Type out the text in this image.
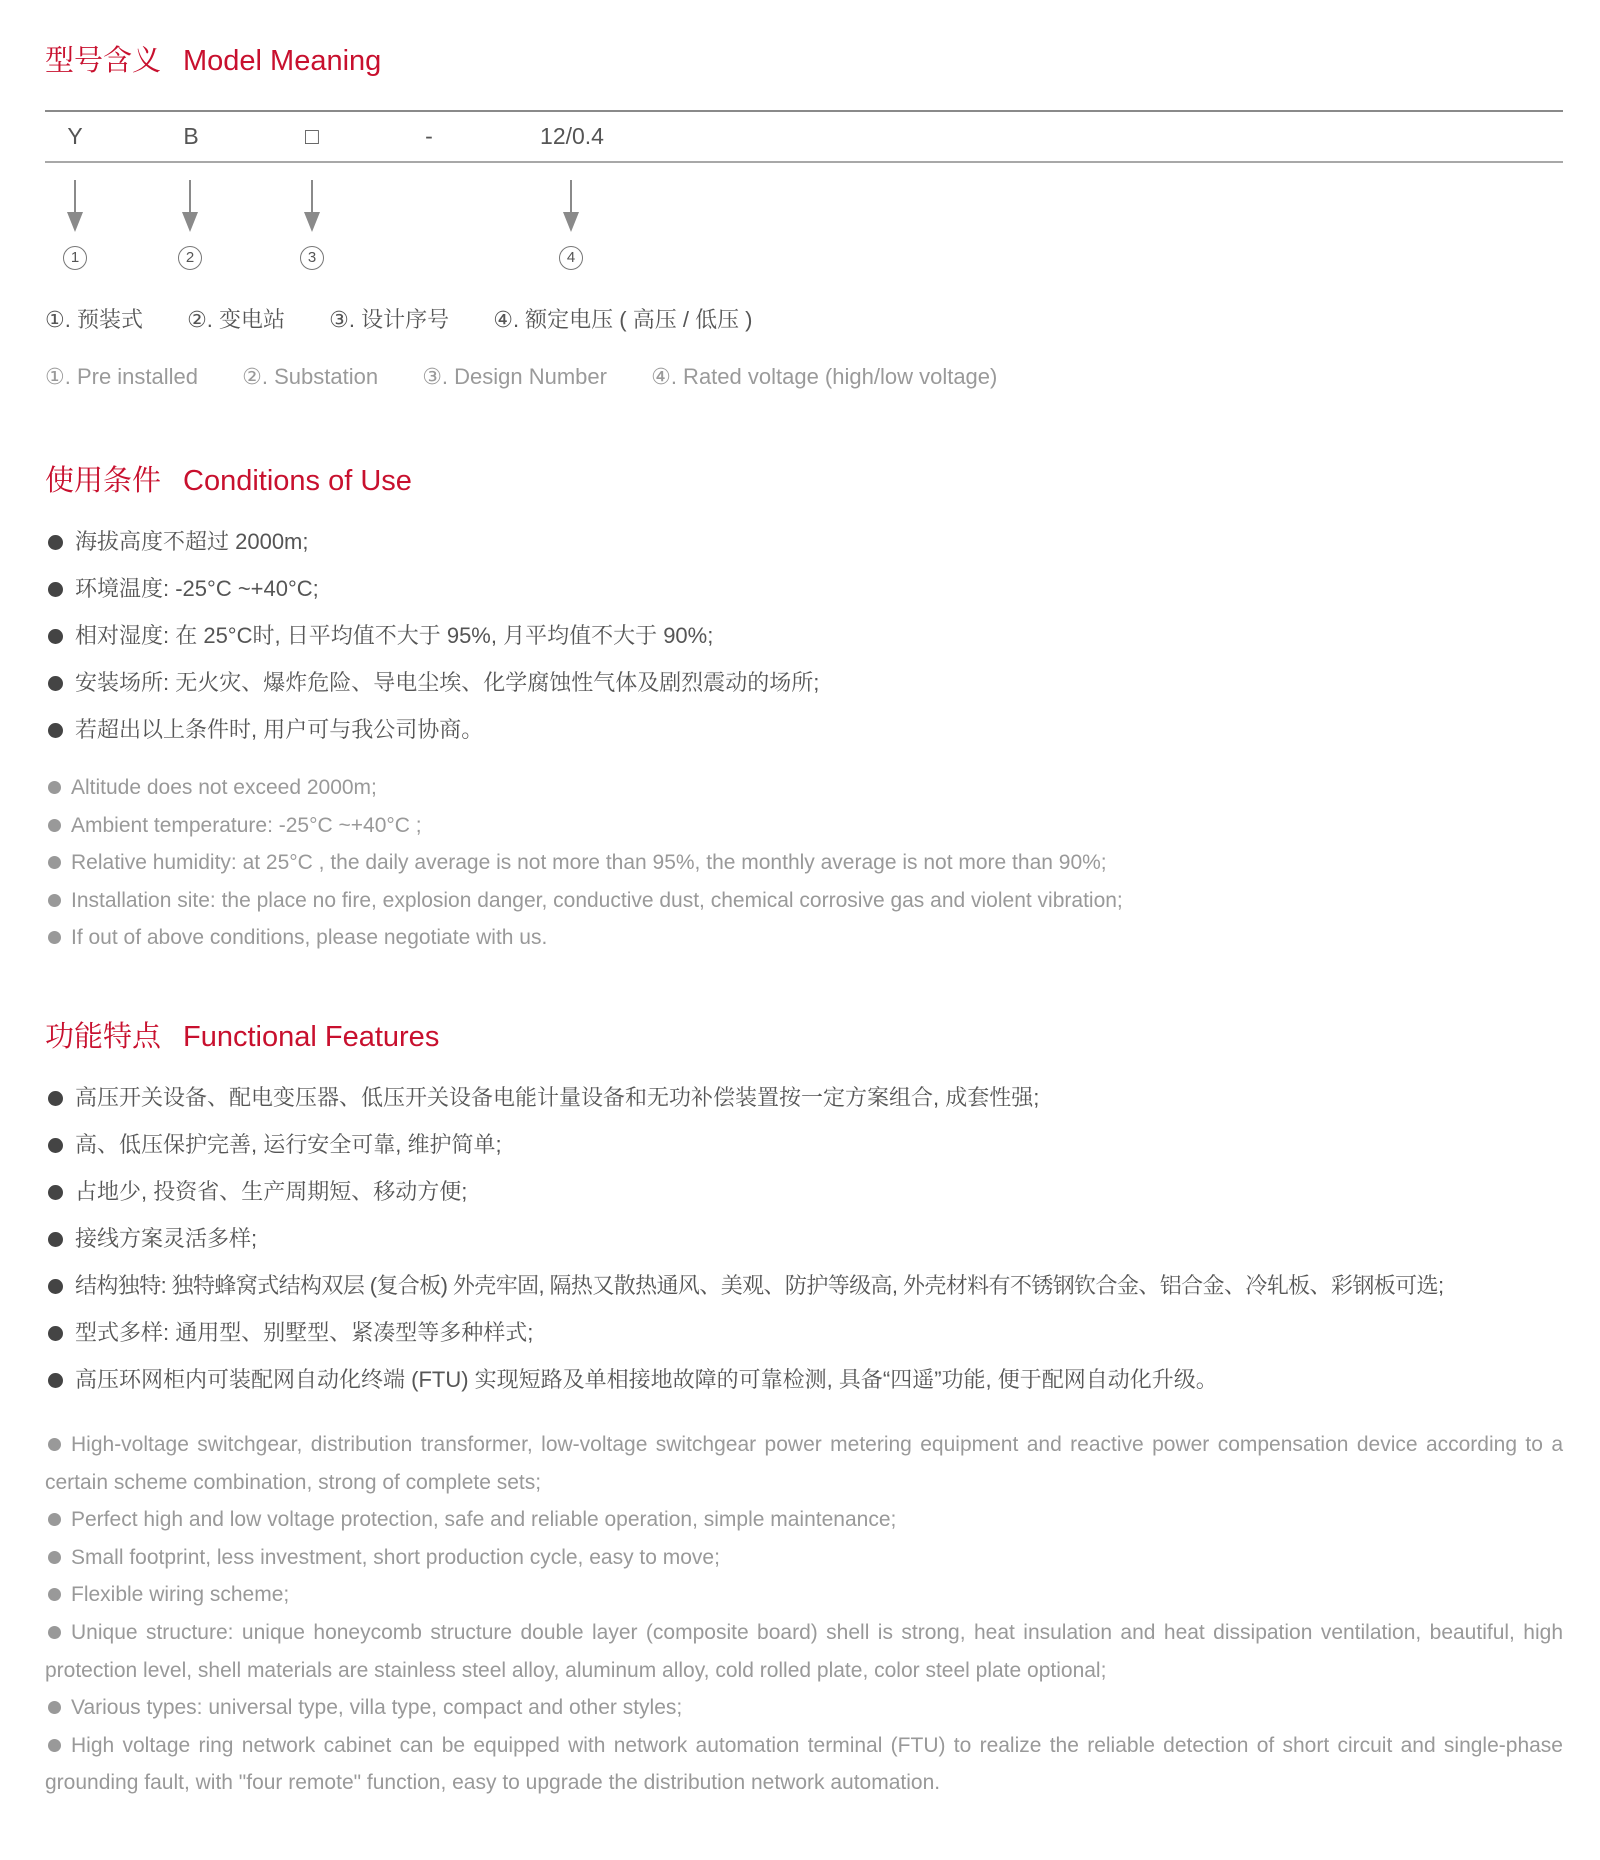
型号含义 Model Meaning
Y	B	□	-	12/0.4
1	2	3	4
①. 预装式 ②. 变电站 ③. 设计序号 ④. 额定电压 ( 高压 / 低压 )
①. Pre installed ②. Substation ③. Design Number ④. Rated voltage (high/low voltage)
使用条件 Conditions of Use
海拔高度不超过 2000m;
环境温度: -25°C ~+40°C;
相对湿度: 在 25°C时, 日平均值不大于 95%, 月平均值不大于 90%;
安装场所: 无火灾、爆炸危险、导电尘埃、化学腐蚀性气体及剧烈震动的场所;
若超出以上条件时, 用户可与我公司协商。
Altitude does not exceed 2000m;
Ambient temperature: -25°C ~+40°C ;
Relative humidity: at 25°C , the daily average is not more than 95%, the monthly average is not more than 90%;
Installation site: the place no fire, explosion danger, conductive dust, chemical corrosive gas and violent vibration;
If out of above conditions, please negotiate with us.
功能特点 Functional Features
高压开关设备、配电变压器、低压开关设备电能计量设备和无功补偿装置按一定方案组合, 成套性强;
高、低压保护完善, 运行安全可靠, 维护简单;
占地少, 投资省、生产周期短、移动方便;
接线方案灵活多样;
结构独特: 独特蜂窝式结构双层 (复合板) 外壳牢固, 隔热又散热通风、美观、防护等级高, 外壳材料有不锈钢钦合金、铝合金、冷轧板、彩钢板可选;
型式多样: 通用型、别墅型、紧凑型等多种样式;
高压环网柜内可装配网自动化终端 (FTU) 实现短路及单相接地故障的可靠检测, 具备“四遥”功能, 便于配网自动化升级。
High-voltage switchgear, distribution transformer, low-voltage switchgear power metering equipment and reactive power compensation device according to a certain scheme combination, strong of complete sets;
Perfect high and low voltage protection, safe and reliable operation, simple maintenance;
Small footprint, less investment, short production cycle, easy to move;
Flexible wiring scheme;
Unique structure: unique honeycomb structure double layer (composite board) shell is strong, heat insulation and heat dissipation ventilation, beautiful, high protection level, shell materials are stainless steel alloy, aluminum alloy, cold rolled plate, color steel plate optional;
Various types: universal type, villa type, compact and other styles;
High voltage ring network cabinet can be equipped with network automation terminal (FTU) to realize the reliable detection of short circuit and single-phase grounding fault, with "four remote" function, easy to upgrade the distribution network automation.
